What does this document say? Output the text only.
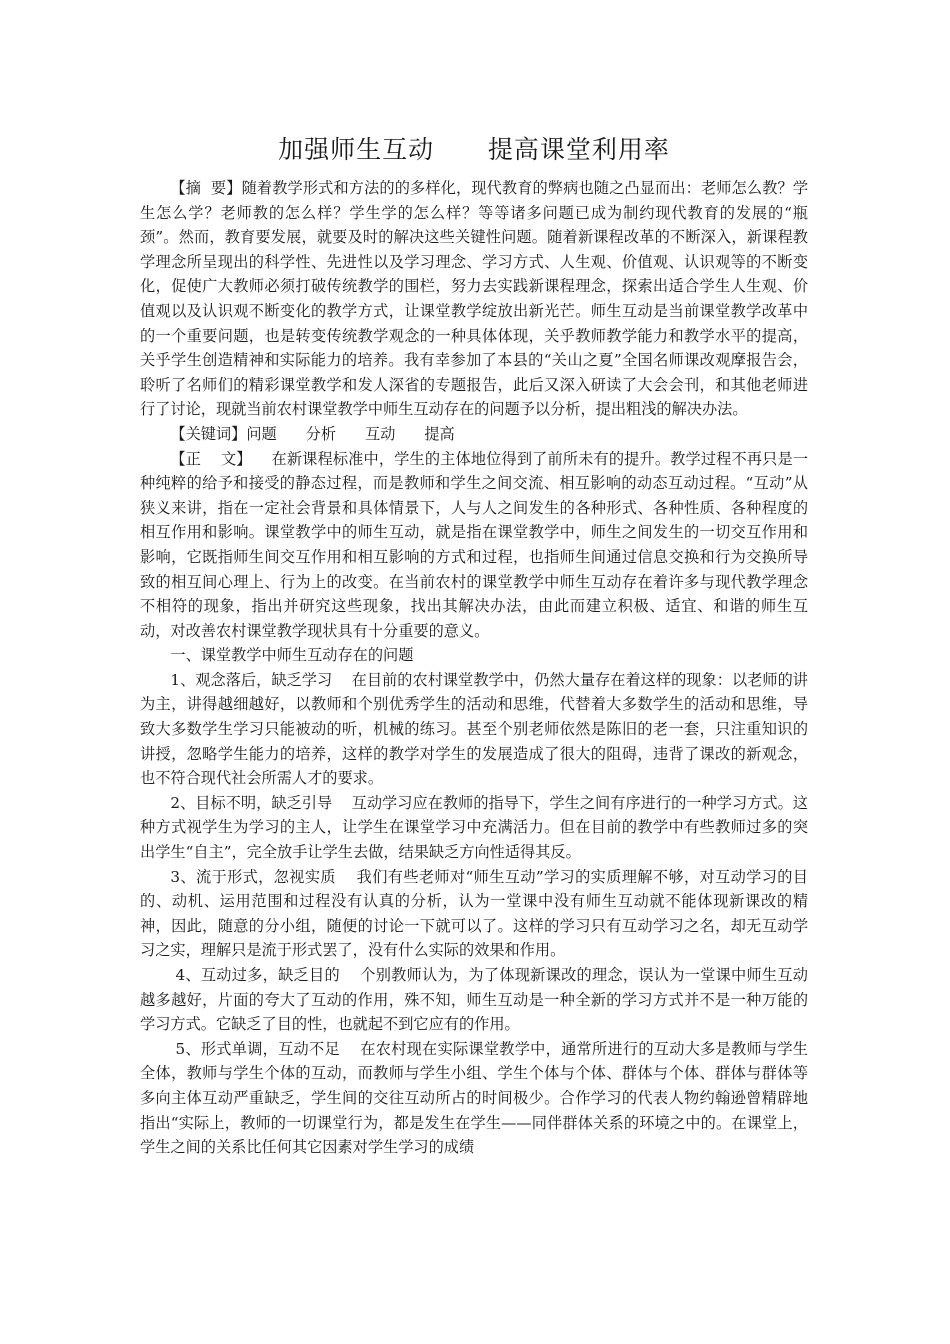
加强师生互动      提高课堂利用率

【摘  要】随着教学形式和方法的的多样化，现代教育的弊病也随之凸显而出：老师怎么教？学生怎么学？老师教的怎么样？学生学的怎么样？等等诸多问题已成为制约现代教育的发展的“瓶颈”。然而，教育要发展，就要及时的解决这些关键性问题。随着新课程改革的不断深入，新课程教学理念所呈现出的科学性、先进性以及学习理念、学习方式、人生观、价值观、认识观等的不断变化，促使广大教师必须打破传统教学的围栏，努力去实践新课程理念，探索出适合学生人生观、价值观以及认识观不断变化的教学方式，让课堂教学绽放出新光芒。师生互动是当前课堂教学改革中的一个重要问题，也是转变传统教学观念的一种具体体现，关乎教师教学能力和教学水平的提高，关乎学生创造精神和实际能力的培养。我有幸参加了本县的“关山之夏”全国名师课改观摩报告会，聆听了名师们的精彩课堂教学和发人深省的专题报告，此后又深入研读了大会会刊，和其他老师进行了讨论，现就当前农村课堂教学中师生互动存在的问题予以分析，提出粗浅的解决办法。

【关键词】问题      分析      互动      提高

【正    文】    在新课程标准中，学生的主体地位得到了前所未有的提升。教学过程不再只是一种纯粹的给予和接受的静态过程，而是教师和学生之间交流、相互影响的动态互动过程。“互动”从狭义来讲，指在一定社会背景和具体情景下，人与人之间发生的各种形式、各种性质、各种程度的相互作用和影响。课堂教学中的师生互动，就是指在课堂教学中，师生之间发生的一切交互作用和影响，它既指师生间交互作用和相互影响的方式和过程，也指师生间通过信息交换和行为交换所导致的相互间心理上、行为上的改变。在当前农村的课堂教学中师生互动存在着许多与现代教学理念不相符的现象，指出并研究这些现象，找出其解决办法，由此而建立积极、适宜、和谐的师生互动，对改善农村课堂教学现状具有十分重要的意义。

一、课堂教学中师生互动存在的问题

1、观念落后，缺乏学习    在目前的农村课堂教学中，仍然大量存在着这样的现象：以老师的讲为主，讲得越细越好，以教师和个别优秀学生的活动和思维，代替着大多数学生的活动和思维，导致大多数学生学习只能被动的听，机械的练习。甚至个别老师依然是陈旧的老一套，只注重知识的讲授，忽略学生能力的培养，这样的教学对学生的发展造成了很大的阻碍，违背了课改的新观念，也不符合现代社会所需人才的要求。

2、目标不明，缺乏引导    互动学习应在教师的指导下，学生之间有序进行的一种学习方式。这种方式视学生为学习的主人，让学生在课堂学习中充满活力。但在目前的教学中有些教师过多的突出学生“自主”，完全放手让学生去做，结果缺乏方向性适得其反。

3、流于形式，忽视实质    我们有些老师对“师生互动”学习的实质理解不够，对互动学习的目的、动机、运用范围和过程没有认真的分析，认为一堂课中没有师生互动就不能体现新课改的精神，因此，随意的分小组，随便的讨论一下就可以了。这样的学习只有互动学习之名，却无互动学习之实，理解只是流于形式罢了，没有什么实际的效果和作用。

4、互动过多，缺乏目的    个别教师认为，为了体现新课改的理念，误认为一堂课中师生互动越多越好，片面的夸大了互动的作用，殊不知，师生互动是一种全新的学习方式并不是一种万能的学习方式。它缺乏了目的性，也就起不到它应有的作用。

5、形式单调，互动不足    在农村现在实际课堂教学中，通常所进行的互动大多是教师与学生全体，教师与学生个体的互动，而教师与学生小组、学生个体与个体、群体与个体、群体与群体等多向主体互动严重缺乏，学生间的交往互动所占的时间极少。合作学习的代表人物约翰逊曾精辟地指出“实际上，教师的一切课堂行为，都是发生在学生——同伴群体关系的环境之中的。在课堂上，学生之间的关系比任何其它因素对学生学习的成绩
